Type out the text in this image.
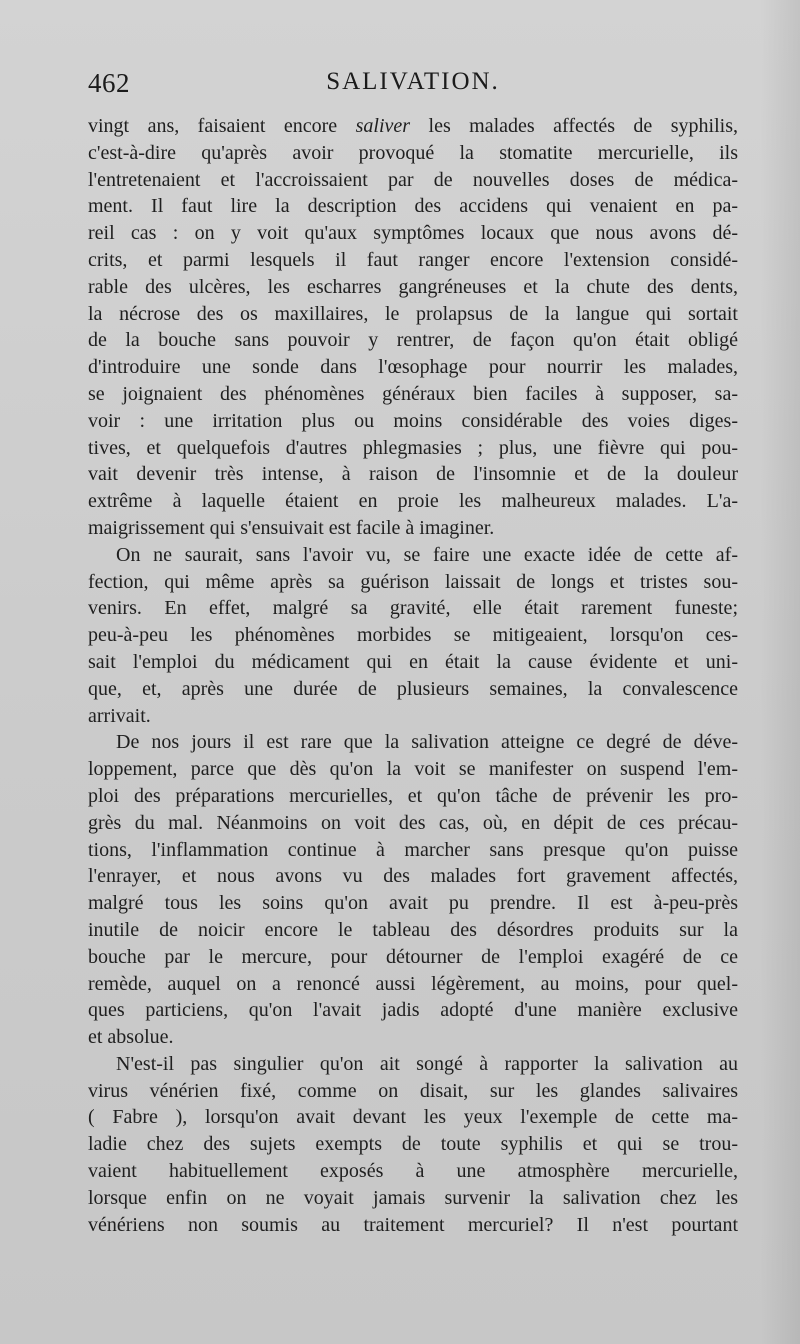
462	SALIVATION.
vingt ans, faisaient encore saliver les malades affectés de syphilis,
c'est-à-dire qu'après avoir provoqué la stomatite mercurielle, ils
l'entretenaient et l'accroissaient par de nouvelles doses de médica-
ment. Il faut lire la description des accidens qui venaient en pa-
reil cas : on y voit qu'aux symptômes locaux que nous avons dé-
crits, et parmi lesquels il faut ranger encore l'extension considé-
rable des ulcères, les escharres gangréneuses et la chute des dents,
la nécrose des os maxillaires, le prolapsus de la langue qui sortait
de la bouche sans pouvoir y rentrer, de façon qu'on était obligé
d'introduire une sonde dans l'œsophage pour nourrir les malades,
se joignaient des phénomènes généraux bien faciles à supposer, sa-
voir : une irritation plus ou moins considérable des voies diges-
tives, et quelquefois d'autres phlegmasies ; plus, une fièvre qui pou-
vait devenir très intense, à raison de l'insomnie et de la douleur
extrême à laquelle étaient en proie les malheureux malades. L'a-
maigrissement qui s'ensuivait est facile à imaginer.
On ne saurait, sans l'avoir vu, se faire une exacte idée de cette af-
fection, qui même après sa guérison laissait de longs et tristes sou-
venirs. En effet, malgré sa gravité, elle était rarement funeste;
peu-à-peu les phénomènes morbides se mitigeaient, lorsqu'on ces-
sait l'emploi du médicament qui en était la cause évidente et uni-
que, et, après une durée de plusieurs semaines, la convalescence
arrivait.
De nos jours il est rare que la salivation atteigne ce degré de déve-
loppement, parce que dès qu'on la voit se manifester on suspend l'em-
ploi des préparations mercurielles, et qu'on tâche de prévenir les pro-
grès du mal. Néanmoins on voit des cas, où, en dépit de ces précau-
tions, l'inflammation continue à marcher sans presque qu'on puisse
l'enrayer, et nous avons vu des malades fort gravement affectés,
malgré tous les soins qu'on avait pu prendre. Il est à-peu-près
inutile de noicir encore le tableau des désordres produits sur la
bouche par le mercure, pour détourner de l'emploi exagéré de ce
remède, auquel on a renoncé aussi légèrement, au moins, pour quel-
ques particiens, qu'on l'avait jadis adopté d'une manière exclusive
et absolue.
N'est-il pas singulier qu'on ait songé à rapporter la salivation au
virus vénérien fixé, comme on disait, sur les glandes salivaires
( Fabre ), lorsqu'on avait devant les yeux l'exemple de cette ma-
ladie chez des sujets exempts de toute syphilis et qui se trou-
vaient habituellement exposés à une atmosphère mercurielle,
lorsque enfin on ne voyait jamais survenir la salivation chez les
vénériens non soumis au traitement mercuriel? Il n'est pourtant
